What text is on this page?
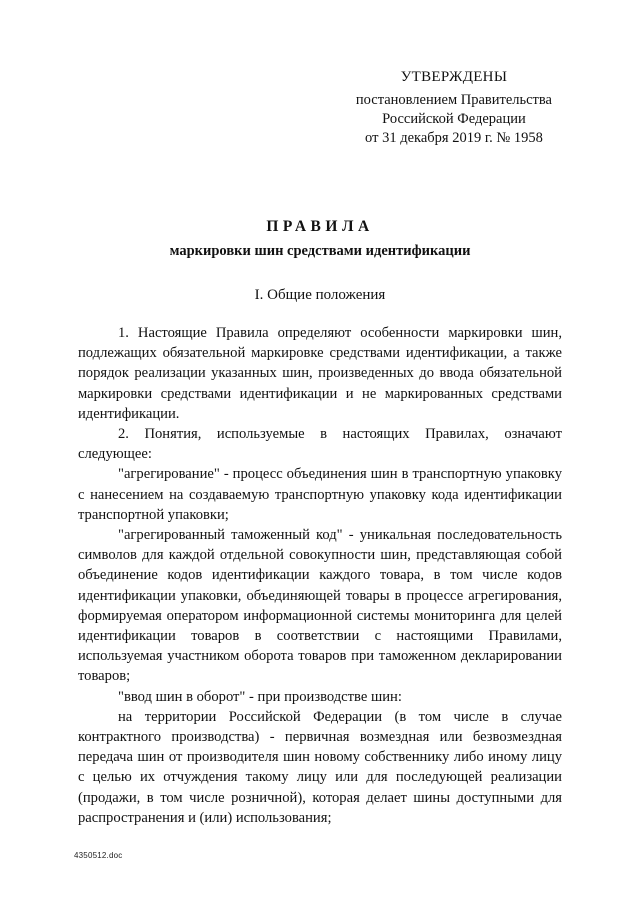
УТВЕРЖДЕНЫ
постановлением Правительства
Российской Федерации
от 31 декабря 2019 г. № 1958
ПРАВИЛА
маркировки шин средствами идентификации
I. Общие положения

1. Настоящие Правила определяют особенности маркировки шин, подлежащих обязательной маркировке средствами идентификации, а также порядок реализации указанных шин, произведенных до ввода обязательной маркировки средствами идентификации и не маркированных средствами идентификации.

2. Понятия, используемые в настоящих Правилах, означают следующее:

"агрегирование" - процесс объединения шин в транспортную упаковку с нанесением на создаваемую транспортную упаковку кода идентификации транспортной упаковки;

"агрегированный таможенный код" - уникальная последовательность символов для каждой отдельной совокупности шин, представляющая собой объединение кодов идентификации каждого товара, в том числе кодов идентификации упаковки, объединяющей товары в процессе агрегирования, формируемая оператором информационной системы мониторинга для целей идентификации товаров в соответствии с настоящими Правилами, используемая участником оборота товаров при таможенном декларировании товаров;

"ввод шин в оборот" - при производстве шин:

на территории Российской Федерации (в том числе в случае контрактного производства) - первичная возмездная или безвозмездная передача шин от производителя шин новому собственнику либо иному лицу с целью их отчуждения такому лицу или для последующей реализации (продажи, в том числе розничной), которая делает шины доступными для распространения и (или) использования;

4350512.doc
